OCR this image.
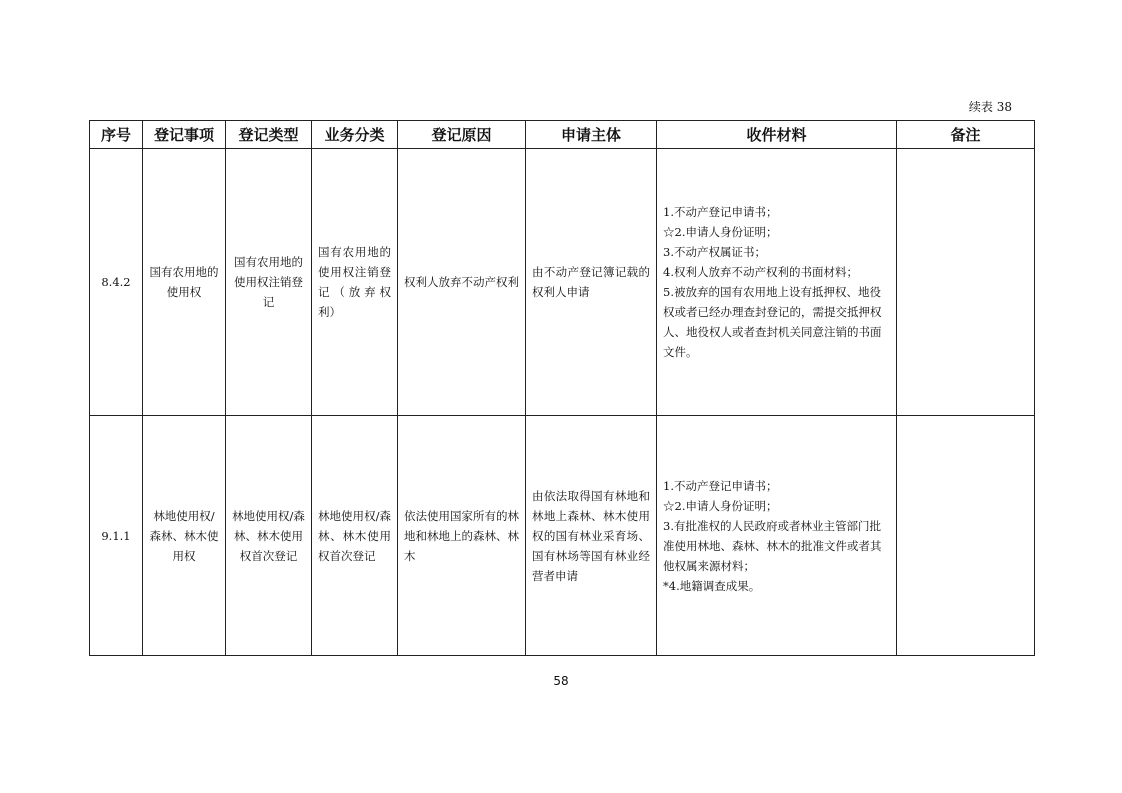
续表 38
序号	登记事项	登记类型	业务分类	登记原因	申请主体	收件材料	备注
8.4.2	国有农用地的使用权	国有农用地的使用权注销登记	国有农用地的使用权注销登记（放弃权利）	权利人放弃不动产权利	由不动产登记簿记载的权利人申请	1.不动产登记申请书；
☆2.申请人身份证明；
3.不动产权属证书；
4.权利人放弃不动产权利的书面材料；
5.被放弃的国有农用地上设有抵押权、地役权或者已经办理查封登记的，需提交抵押权人、地役权人或者查封机关同意注销的书面文件。	

9.1.1	林地使用权/森林、林木使用权	林地使用权/森林、林木使用权首次登记	林地使用权/森林、林木使用权首次登记	依法使用国家所有的林地和林地上的森林、林木	由依法取得国有林地和林地上森林、林木使用权的国有林业采育场、国有林场等国有林业经营者申请	1.不动产登记申请书；
☆2.申请人身份证明；
3.有批准权的人民政府或者林业主管部门批准使用林地、森林、林木的批准文件或者其他权属来源材料；
*4.地籍调查成果。	

58
